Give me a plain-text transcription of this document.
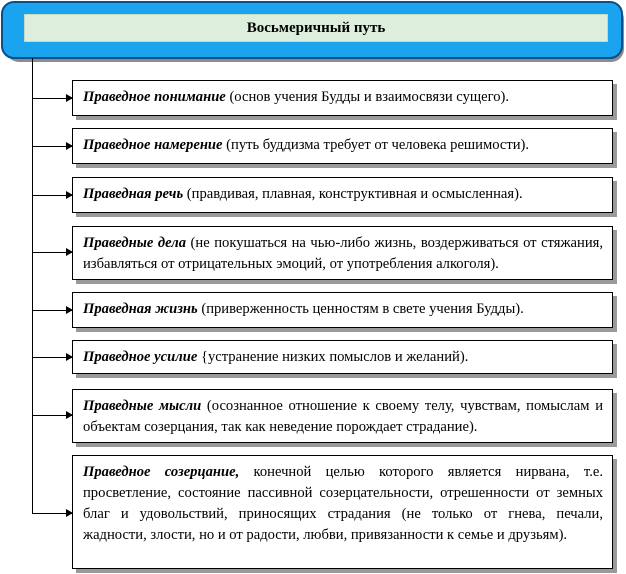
Восьмеричный путь
Праведное понимание (основ учения Будды и взаимосвязи сущего).
Праведное намерение (путь буддизма требует от человека решимости).
Праведная речь (правдивая, плавная, конструктивная и осмысленная).
Праведные дела (не покушаться на чью-либо жизнь, воздерживаться от стяжания, избавляться от отрицательных эмоций, от употребления алкоголя).
Праведная жизнь (приверженность ценностям в свете учения Будды).
Праведное усилие {устранение низких помыслов и желаний).
Праведные мысли (осознанное отношение к своему телу, чувствам, помыслам и объектам созерцания, так как неведение порождает страдание).
Праведное созерцание, конечной целью которого является нирвана, т.е. просветление, состояние пассивной созерцательности, отрешенности от земных благ и удовольствий, приносящих страдания (не только от гнева, печали, жадности, злости, но и от радости, любви, привязанности к семье и друзьям).
